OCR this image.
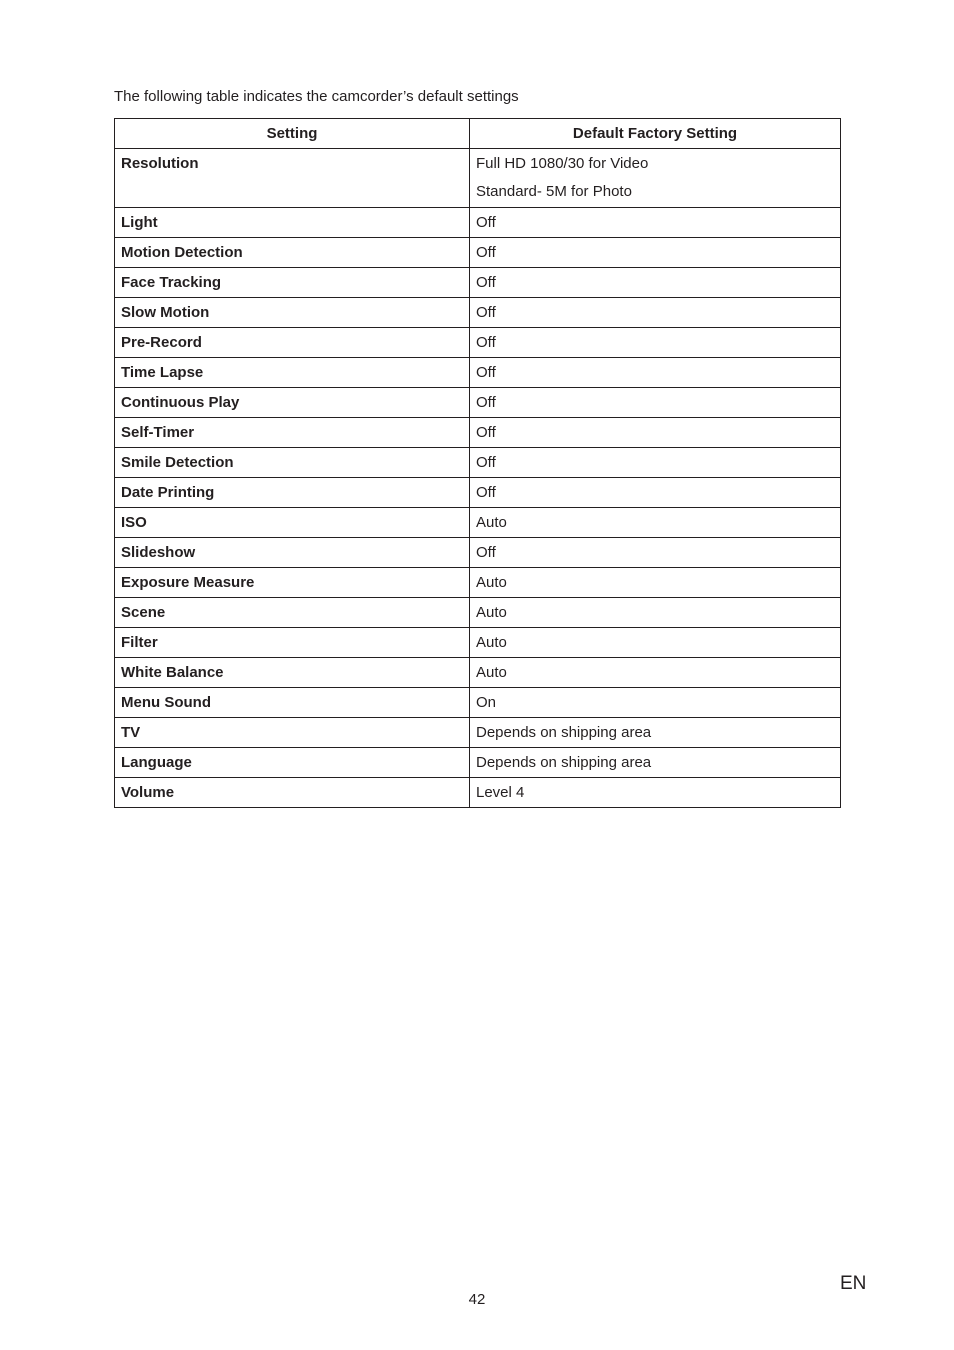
The following table indicates the camcorder’s default settings
Setting	Default Factory Setting
Resolution	Full HD 1080/30 for Video
Standard- 5M for Photo

Light	Off

Motion Detection	Off

Face Tracking	Off

Slow Motion	Off

Pre-Record	Off

Time Lapse	Off

Continuous Play	Off

Self-Timer	Off

Smile Detection	Off

Date Printing	Off

ISO	Auto

Slideshow	Off

Exposure Measure	Auto

Scene	Auto

Filter	Auto

White Balance	Auto

Menu Sound	On

TV	Depends on shipping area

Language	Depends on shipping area

Volume	Level 4
42
EN
